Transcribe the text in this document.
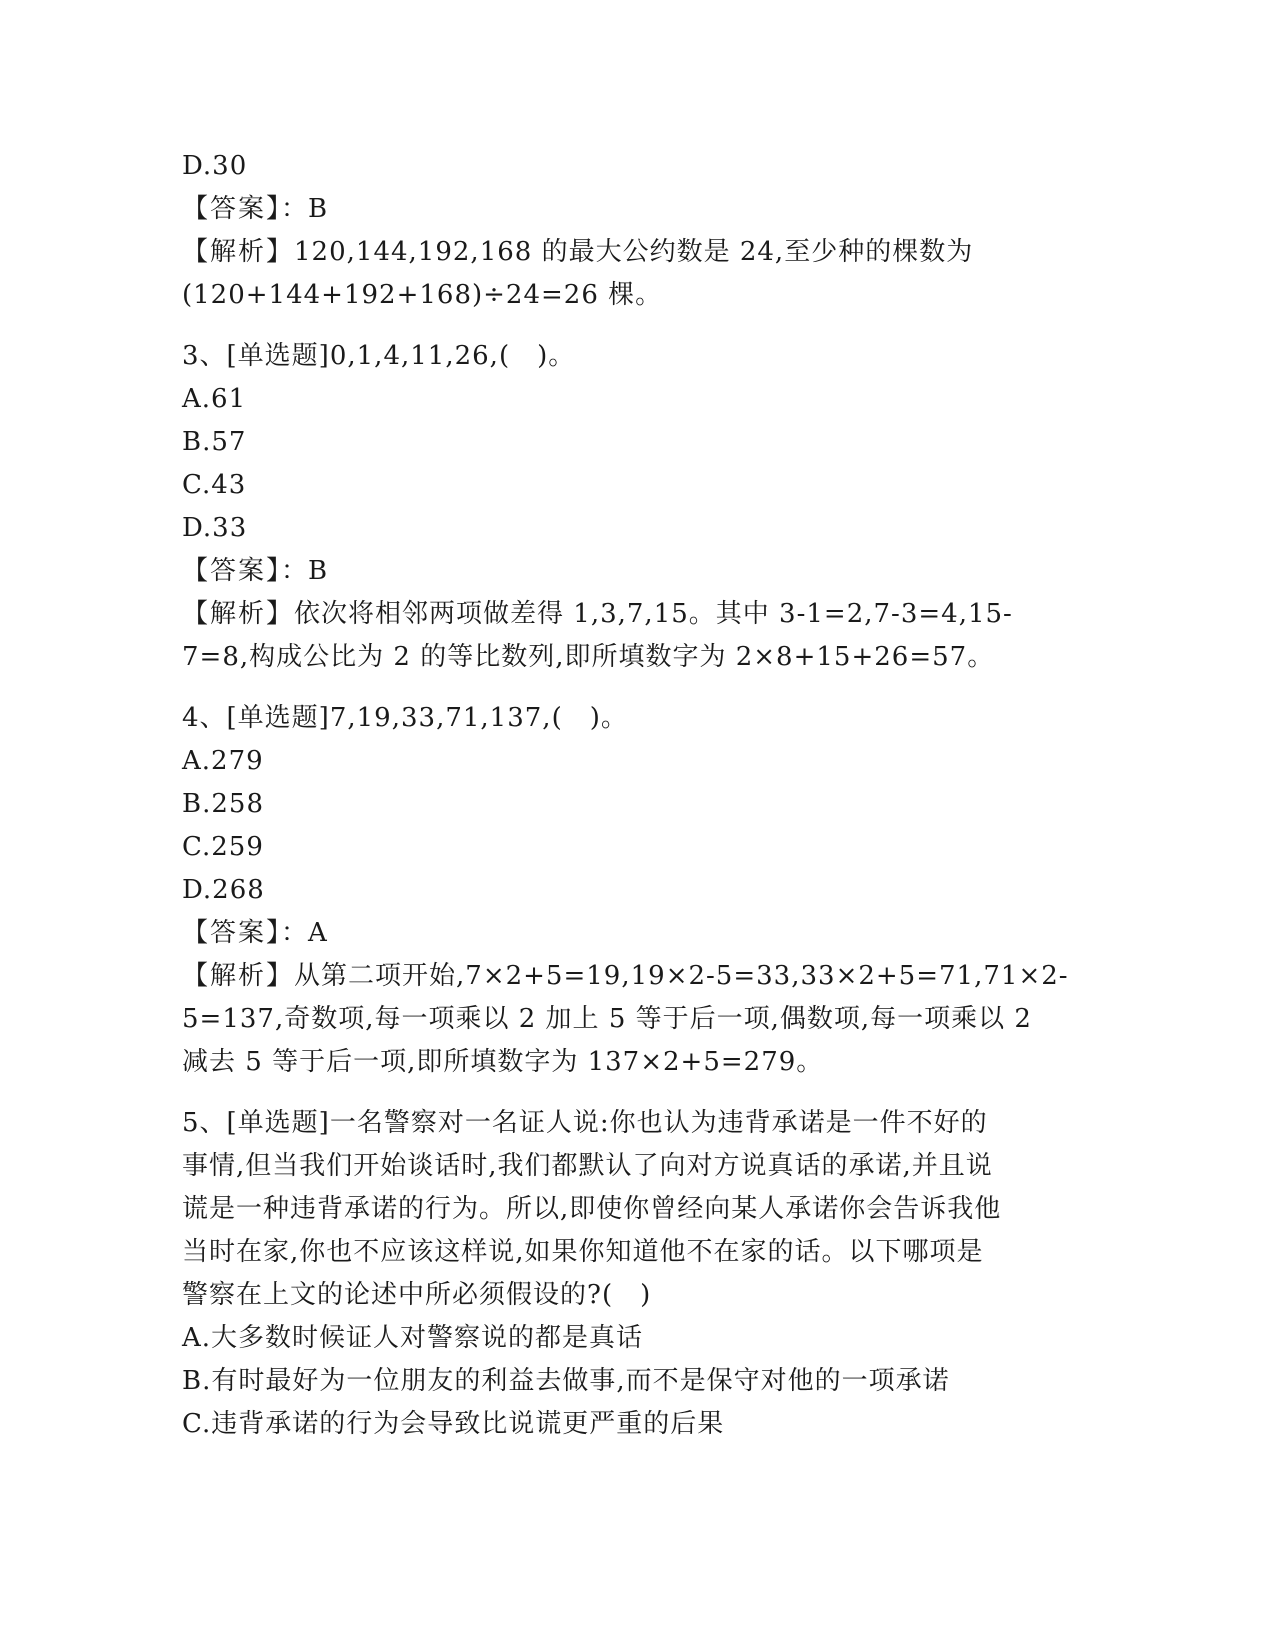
D.30
【答案】：B
【解析】120,144,192,168 的最大公约数是 24,至少种的棵数为
(120+144+192+168)÷24=26 棵。
3、[单选题]0,1,4,11,26,(　)。
A.61
B.57
C.43
D.33
【答案】：B
【解析】依次将相邻两项做差得 1,3,7,15。其中 3-1=2,7-3=4,15-
7=8,构成公比为 2 的等比数列,即所填数字为 2×8+15+26=57。
4、[单选题]7,19,33,71,137,(　)。
A.279
B.258
C.259
D.268
【答案】：A
【解析】从第二项开始,7×2+5=19,19×2-5=33,33×2+5=71,71×2-
5=137,奇数项,每一项乘以 2 加上 5 等于后一项,偶数项,每一项乘以 2
减去 5 等于后一项,即所填数字为 137×2+5=279。
5、[单选题]一名警察对一名证人说:你也认为违背承诺是一件不好的
事情,但当我们开始谈话时,我们都默认了向对方说真话的承诺,并且说
谎是一种违背承诺的行为。所以,即使你曾经向某人承诺你会告诉我他
当时在家,你也不应该这样说,如果你知道他不在家的话。以下哪项是
警察在上文的论述中所必须假设的?(　)
A.大多数时候证人对警察说的都是真话
B.有时最好为一位朋友的利益去做事,而不是保守对他的一项承诺
C.违背承诺的行为会导致比说谎更严重的后果
